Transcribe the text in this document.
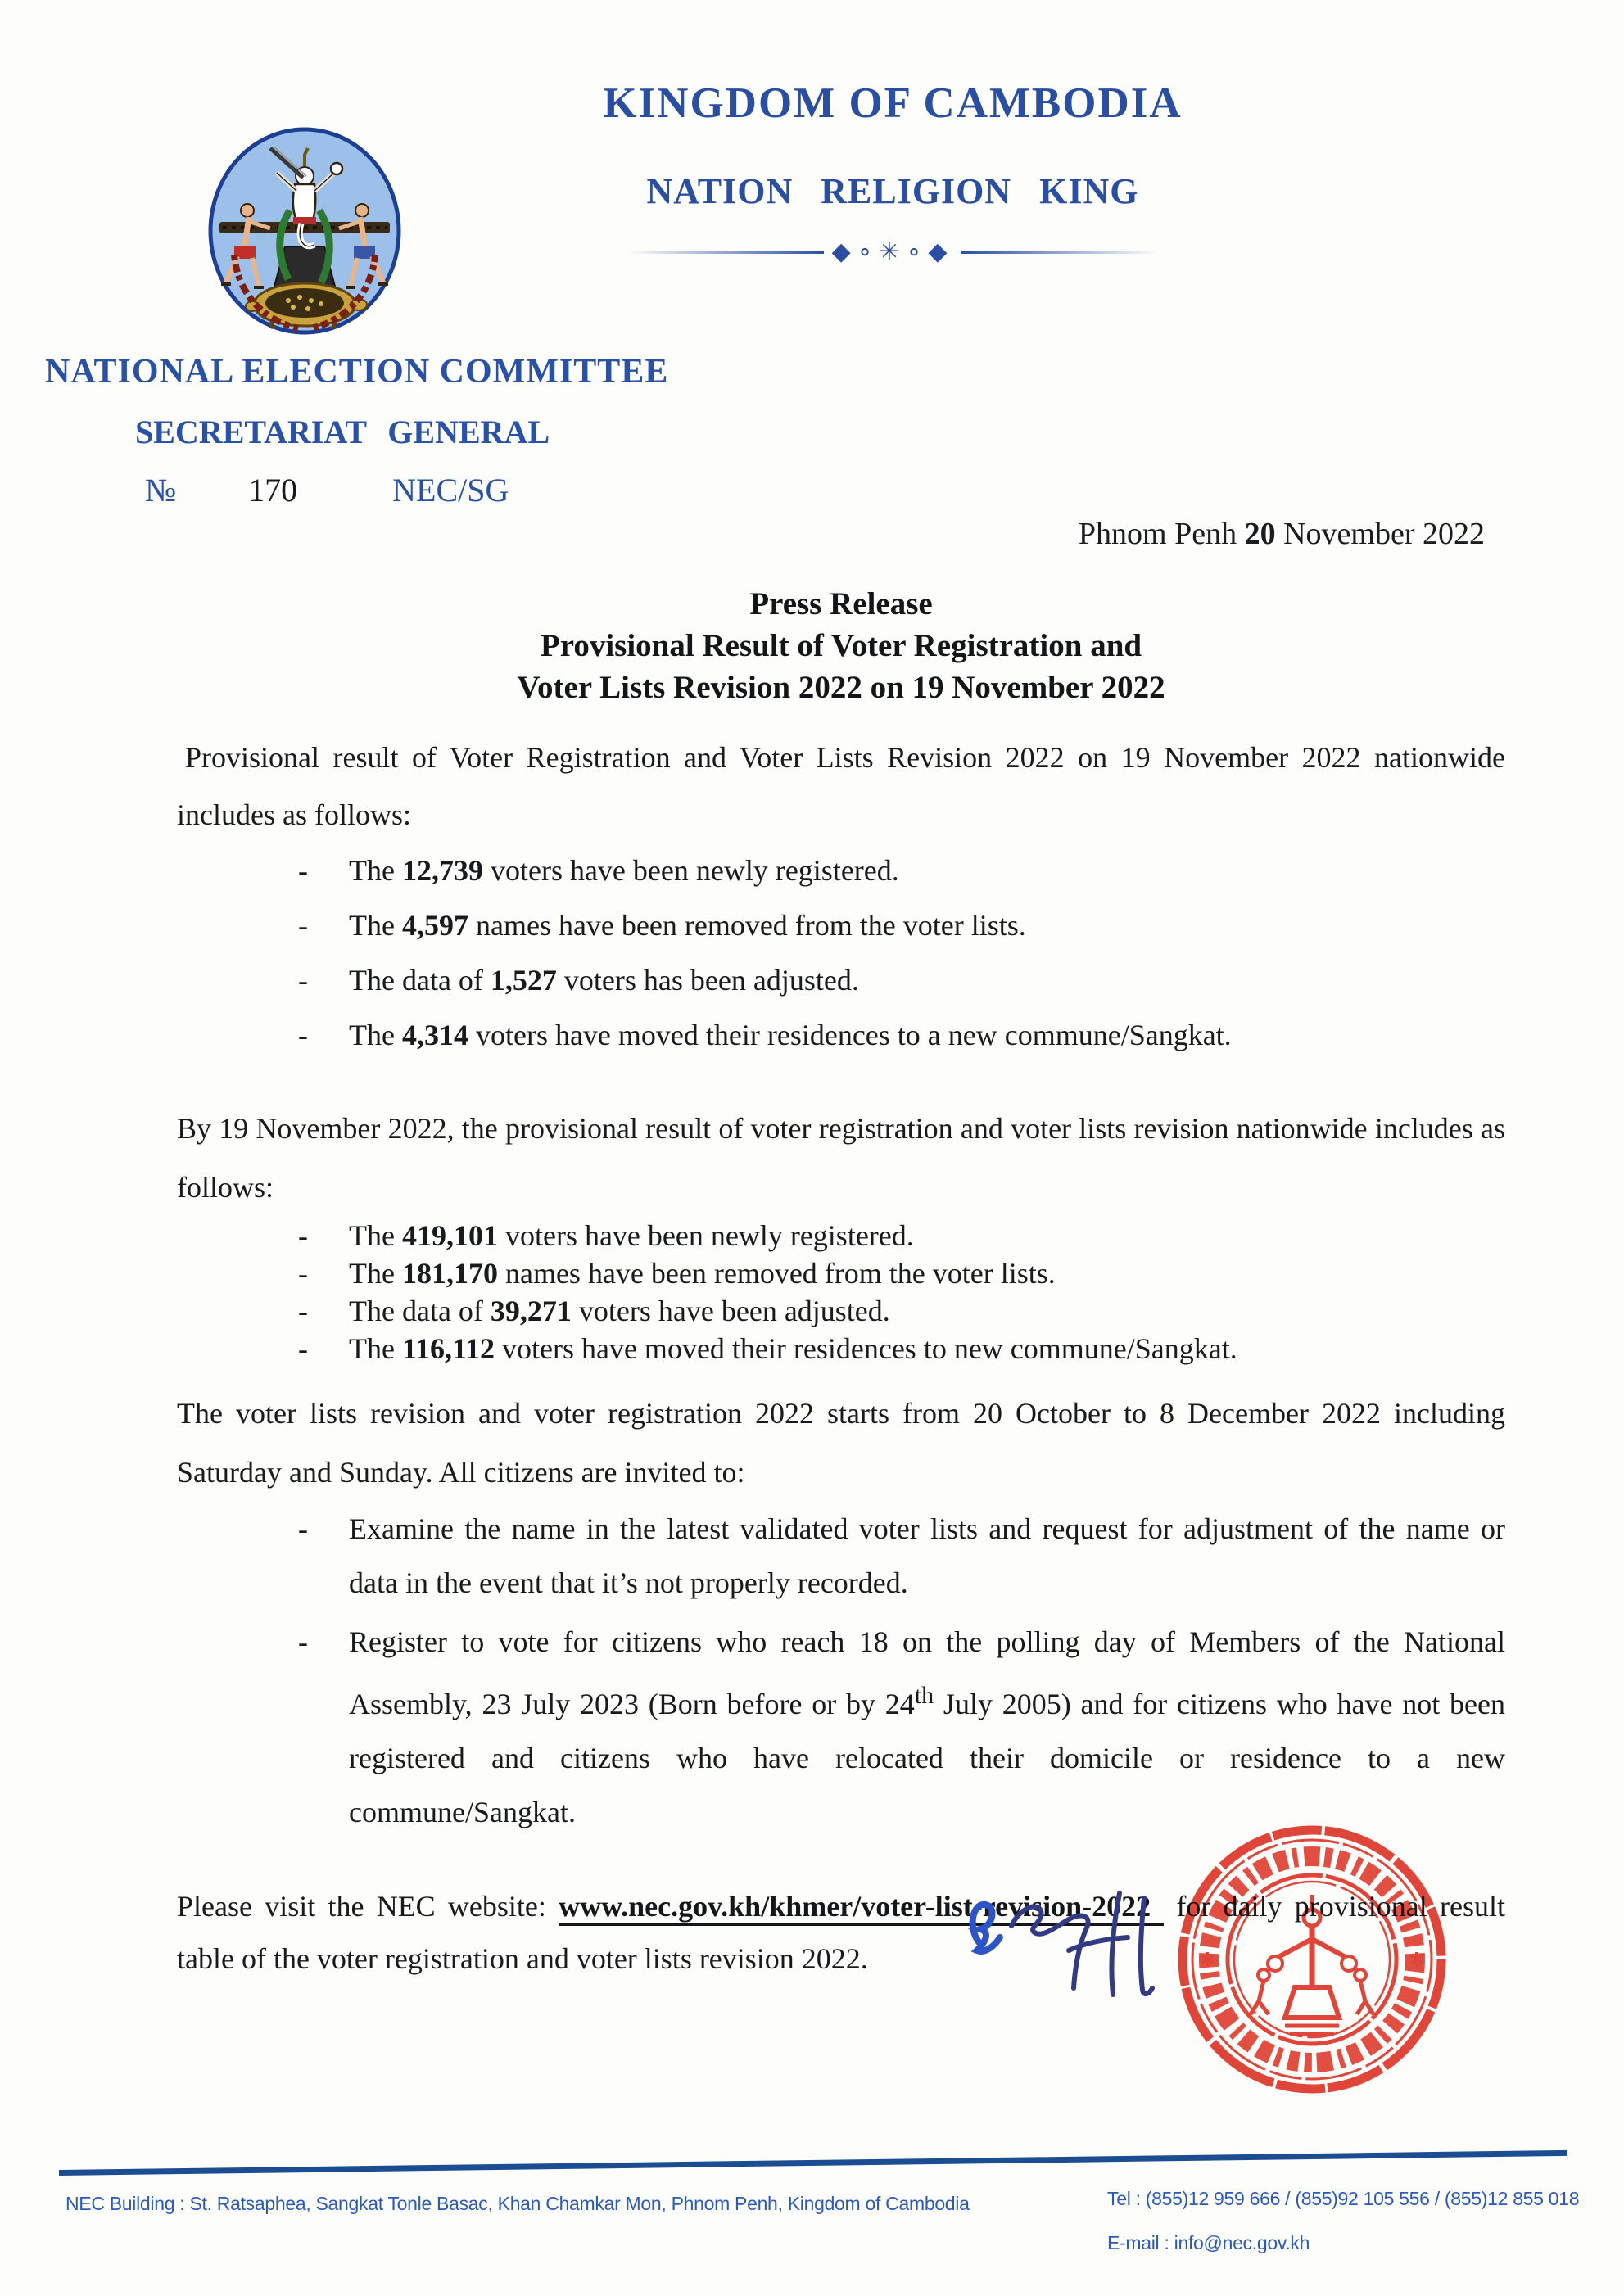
KINGDOM OF CAMBODIA
NATION RELIGION KING
◆∘✳∘◆
NATIONAL ELECTION COMMITTEE
SECRETARIAT GENERAL
№ 170	NEC/SG
Phnom Penh 20 November 2022
Press Release
Provisional Result of Voter Registration and
Voter Lists Revision 2022 on 19 November 2022

Provisional result of Voter Registration and Voter Lists Revision 2022 on 19 November 2022 nationwide includes as follows:

- The 12,739 voters have been newly registered.
- The 4,597 names have been removed from the voter lists.
- The data of 1,527 voters has been adjusted.
- The 4,314 voters have moved their residences to a new commune/Sangkat.

By 19 November 2022, the provisional result of voter registration and voter lists revision nationwide includes as follows:

- The 419,101 voters have been newly registered.
- The 181,170 names have been removed from the voter lists.
- The data of 39,271 voters have been adjusted.
- The 116,112 voters have moved their residences to new commune/Sangkat.

The voter lists revision and voter registration 2022 starts from 20 October to 8 December 2022 including Saturday and Sunday. All citizens are invited to:

- Examine the name in the latest validated voter lists and request for adjustment of the name or data in the event that it’s not properly recorded.
- Register to vote for citizens who reach 18 on the polling day of Members of the National Assembly, 23 July 2023 (Born before or by 24th July 2005) and for citizens who have not been registered and citizens who have relocated their domicile or residence to a new commune/Sangkat.

Please visit the NEC website: www.nec.gov.kh/khmer/voter-list-revision-2022 for daily provisional result table of the voter registration and voter lists revision 2022.

NEC Building : St. Ratsaphea, Sangkat Tonle Basac, Khan Chamkar Mon, Phnom Penh, Kingdom of Cambodia	Tel : (855)12 959 666 / (855)92 105 556 / (855)12 855 018
E-mail : info@nec.gov.kh
